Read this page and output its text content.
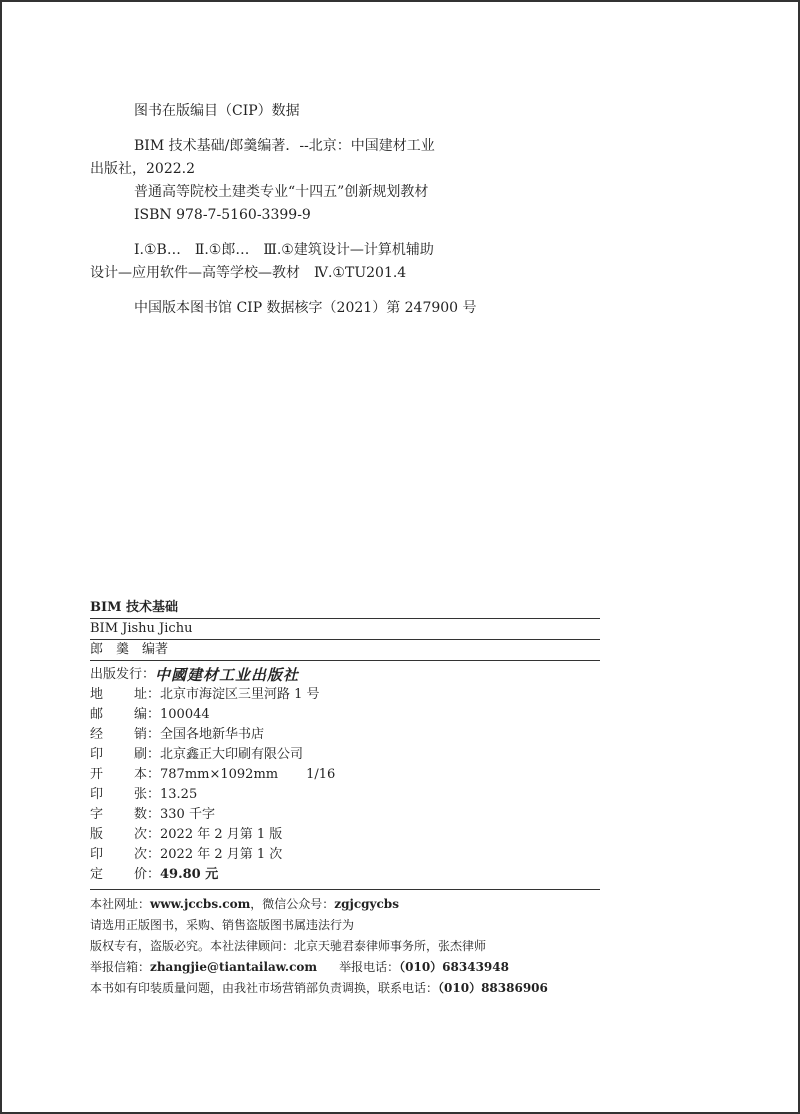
图书在版编目（CIP）数据
BIM 技术基础/郎羹编著．--北京：中国建材工业
出版社，2022.2
普通高等院校土建类专业“十四五”创新规划教材
ISBN 978-7-5160-3399-9
Ⅰ.①B…　Ⅱ.①郎…　Ⅲ.①建筑设计—计算机辅助
设计—应用软件—高等学校—教材　Ⅳ.①TU201.4
中国版本图书馆 CIP 数据核字（2021）第 247900 号
BIM 技术基础
BIM Jishu Jichu
郎　羹　编著
出版发行： 中國建材工业出版社
地 址： 北京市海淀区三里河路 1 号
邮 编： 100044
经 销： 全国各地新华书店
印 刷： 北京鑫正大印刷有限公司
开 本： 787mm×1092mm 1/16
印 张： 13.25
字 数： 330 千字
版 次： 2022 年 2 月第 1 版
印 次： 2022 年 2 月第 1 次
定 价： 49.80 元
本社网址：www.jccbs.com，微信公众号：zgjcgycbs
请选用正版图书，采购、销售盗版图书属违法行为
版权专有，盗版必究。本社法律顾问：北京天驰君泰律师事务所，张杰律师
举报信箱：zhangjie@tiantailaw.com 举报电话：（010）68343948
本书如有印装质量问题，由我社市场营销部负责调换，联系电话：（010）88386906
